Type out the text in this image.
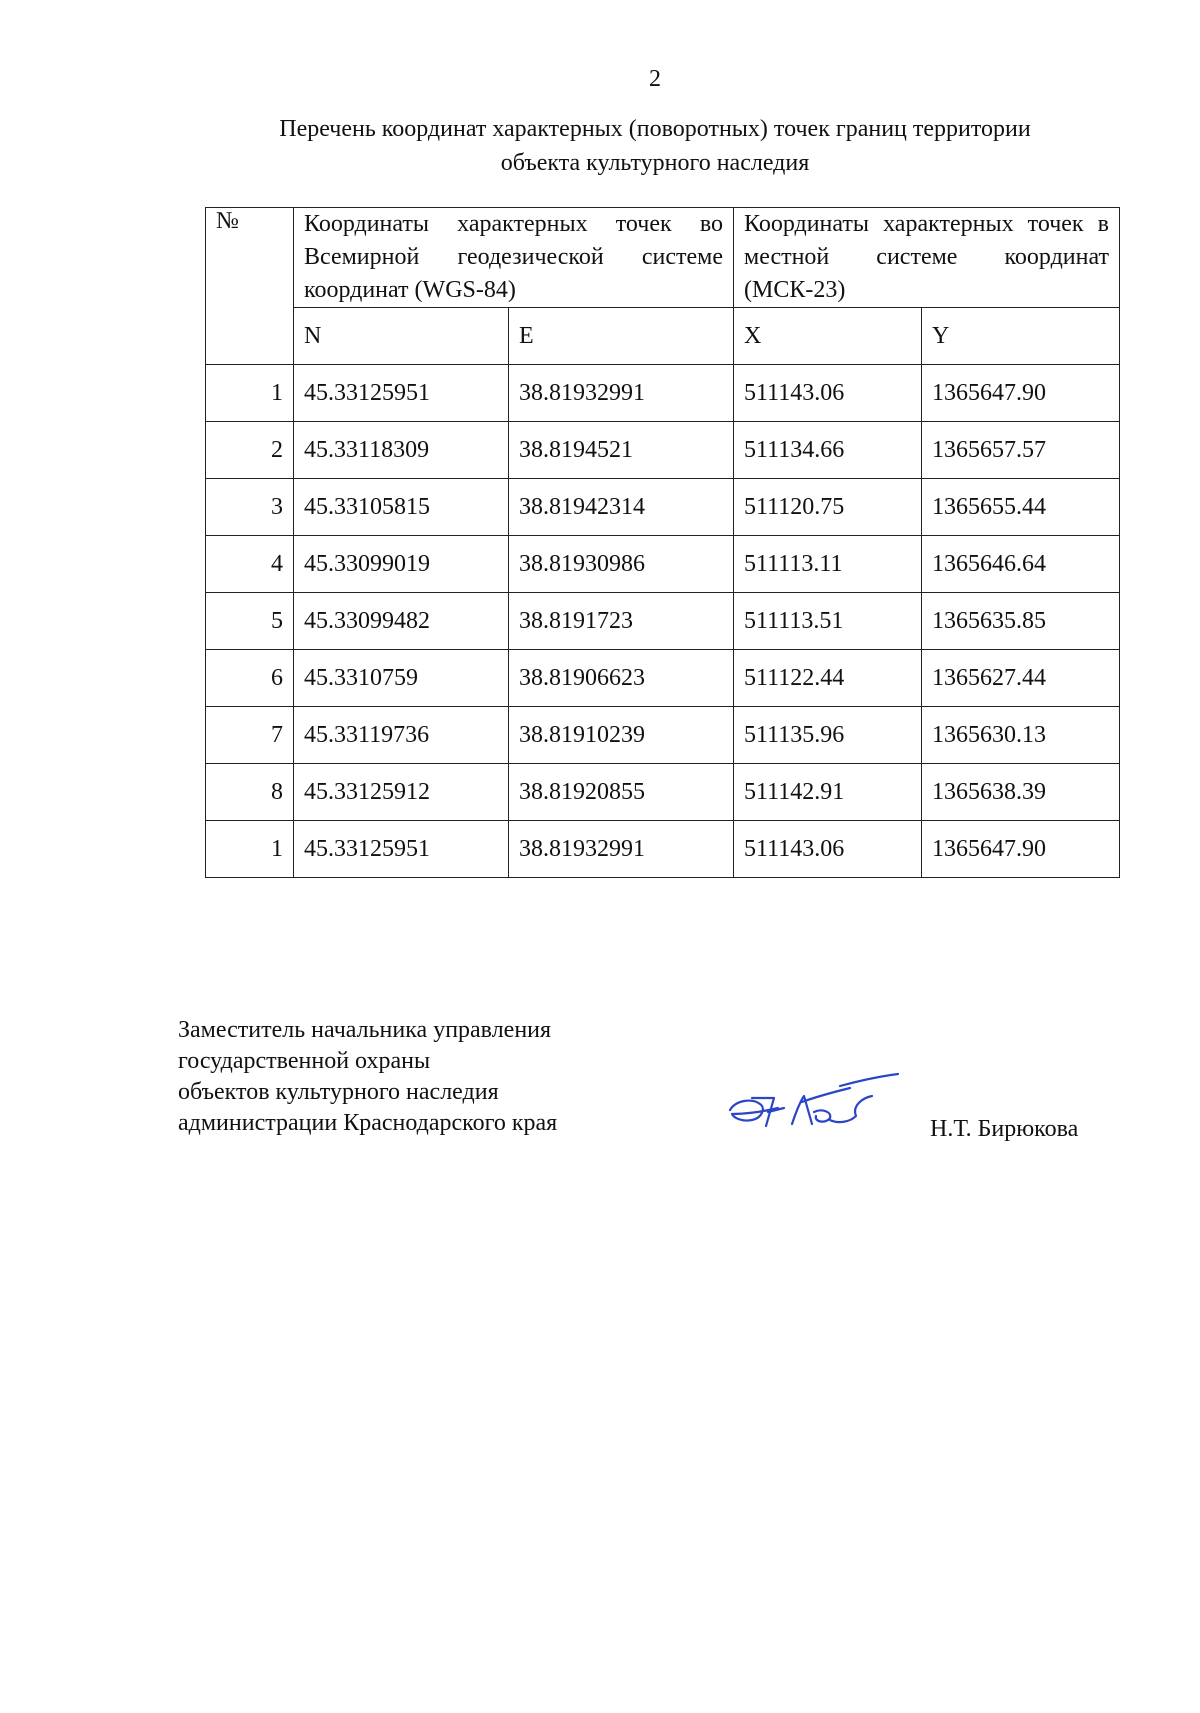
2
Перечень координат характерных (поворотных) точек границ территории
объекта культурного наследия
№	Координаты характерных точек во Всемирной геодезической системе координат (WGS-84)		Координаты характерных точек в местной системе координат (МСК-23)	
	N	E	X	Y
1	45.33125951	38.81932991	511143.06	1365647.90
2	45.33118309	38.8194521	511134.66	1365657.57
3	45.33105815	38.81942314	511120.75	1365655.44
4	45.33099019	38.81930986	511113.11	1365646.64
5	45.33099482	38.8191723	511113.51	1365635.85
6	45.3310759	38.81906623	511122.44	1365627.44
7	45.33119736	38.81910239	511135.96	1365630.13
8	45.33125912	38.81920855	511142.91	1365638.39
1	45.33125951	38.81932991	511143.06	1365647.90
Заместитель начальника управления
государственной охраны
объектов культурного наследия
администрации Краснодарского края	Н.Т. Бирюкова
